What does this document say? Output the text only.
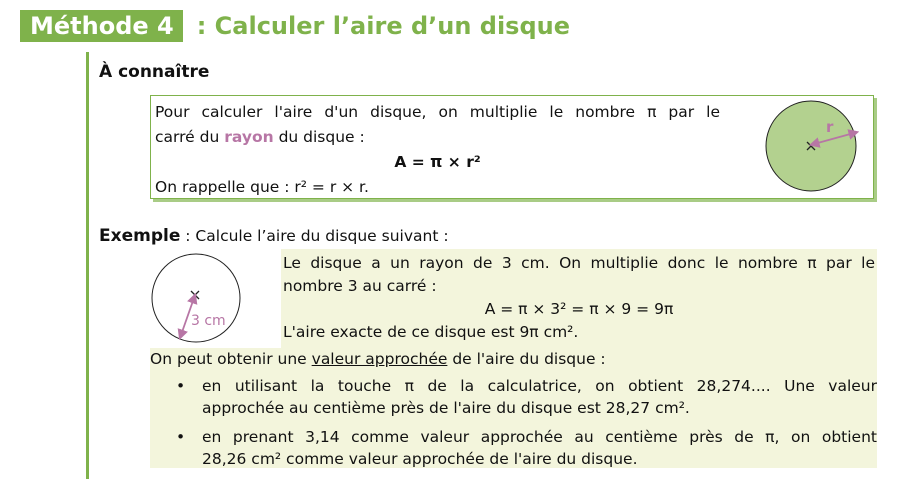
Méthode 4 : Calculer l’aire d’un disque
À connaître
Pour calculer l'aire d'un disque, on multiplie le nombre π par le
carré du rayon du disque :
A = π × r²
On rappelle que : r² = r × r.
r
Exemple : Calcule l’aire du disque suivant :
3 cm
Le disque a un rayon de 3 cm. On multiplie donc le nombre π par le
nombre 3 au carré :
A = π × 3² = π × 9 = 9π
L'aire exacte de ce disque est 9π cm².
On peut obtenir une valeur approchée de l'aire du disque :
• en utilisant la touche π de la calculatrice, on obtient 28,274.... Une valeur
approchée au centième près de l'aire du disque est 28,27 cm².
• en prenant 3,14 comme valeur approchée au centième près de π, on obtient
28,26 cm² comme valeur approchée de l'aire du disque.
